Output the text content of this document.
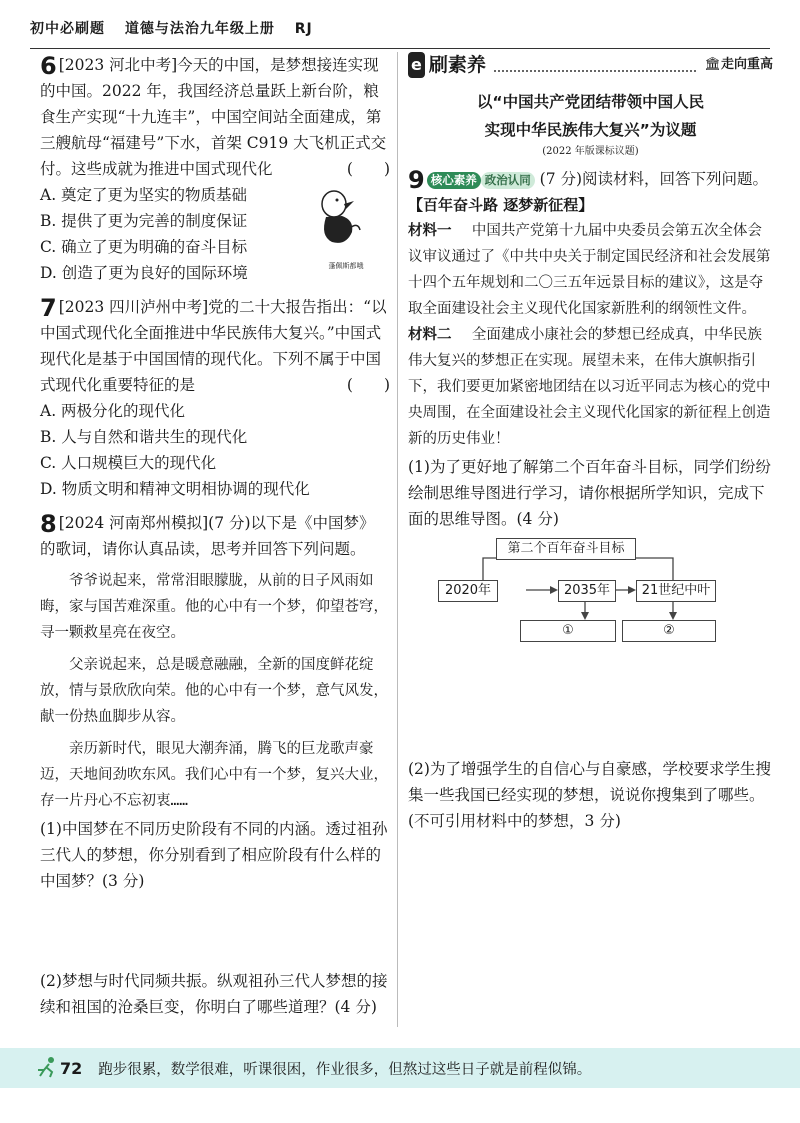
初中必刷题 道德与法治九年级上册 RJ
6 [2023 河北中考]今天的中国，是梦想接连实现的中国。2022 年，我国经济总量跃上新台阶，粮食生产实现“十九连丰”，中国空间站全面建成，第三艘航母“福建号”下水，首架 C919 大飞机正式交付。这些成就为推进中国式现代化	(　　)
A. 奠定了更为坚实的物质基础
B. 提供了更为完善的制度保证
C. 确立了更为明确的奋斗目标
D. 创造了更为良好的国际环境	蓬佩斯都哦
7 [2023 四川泸州中考]党的二十大报告指出：“以中国式现代化全面推进中华民族伟大复兴。”中国式现代化是基于中国国情的现代化。下列不属于中国式现代化重要特征的是	(　　)
A. 两极分化的现代化
B. 人与自然和谐共生的现代化
C. 人口规模巨大的现代化
D. 物质文明和精神文明相协调的现代化
8 [2024 河南郑州模拟](7 分)以下是《中国梦》的歌词，请你认真品读，思考并回答下列问题。
爷爷说起来，常常泪眼朦胧，从前的日子风雨如晦，家与国苦难深重。他的心中有一个梦，仰望苍穹，寻一颗救星亮在夜空。
父亲说起来，总是暖意融融，全新的国度鲜花绽放，情与景欣欣向荣。他的心中有一个梦，意气风发，献一份热血脚步从容。
亲历新时代，眼见大潮奔涌，腾飞的巨龙歌声豪迈，天地间劲吹东风。我们心中有一个梦，复兴大业，存一片丹心不忘初衷……
(1)中国梦在不同历史阶段有不同的内涵。透过祖孙三代人的梦想，你分别看到了相应阶段有什么样的中国梦？(3 分)
(2)梦想与时代同频共振。纵观祖孙三代人梦想的接续和祖国的沧桑巨变，你明白了哪些道理？(4 分)
e 刷素养	🏛 走向重高
以“中国共产党团结带领中国人民
实现中华民族伟大复兴”为议题
(2022 年版课标议题)
9 核心素养 政治认同 (7 分)阅读材料，回答下列问题。
【百年奋斗路 逐梦新征程】
材料一 中国共产党第十九届中央委员会第五次全体会议审议通过了《中共中央关于制定国民经济和社会发展第十四个五年规划和二〇三五年远景目标的建议》，这是夺取全面建设社会主义现代化国家新胜利的纲领性文件。
材料二 全面建成小康社会的梦想已经成真，中华民族伟大复兴的梦想正在实现。展望未来，在伟大旗帜指引下，我们要更加紧密地团结在以习近平同志为核心的党中央周围，在全面建设社会主义现代化国家的新征程上创造新的历史伟业！
(1)为了更好地了解第二个百年奋斗目标，同学们纷纷绘制思维导图进行学习，请你根据所学知识，完成下面的思维导图。(4 分)
第二个百年奋斗目标
2020年	2035年	21世纪中叶
①	②
(2)为了增强学生的自信心与自豪感，学校要求学生搜集一些我国已经实现的梦想，说说你搜集到了哪些。(不可引用材料中的梦想，3 分)
72 跑步很累，数学很难，听课很困，作业很多，但熬过这些日子就是前程似锦。
